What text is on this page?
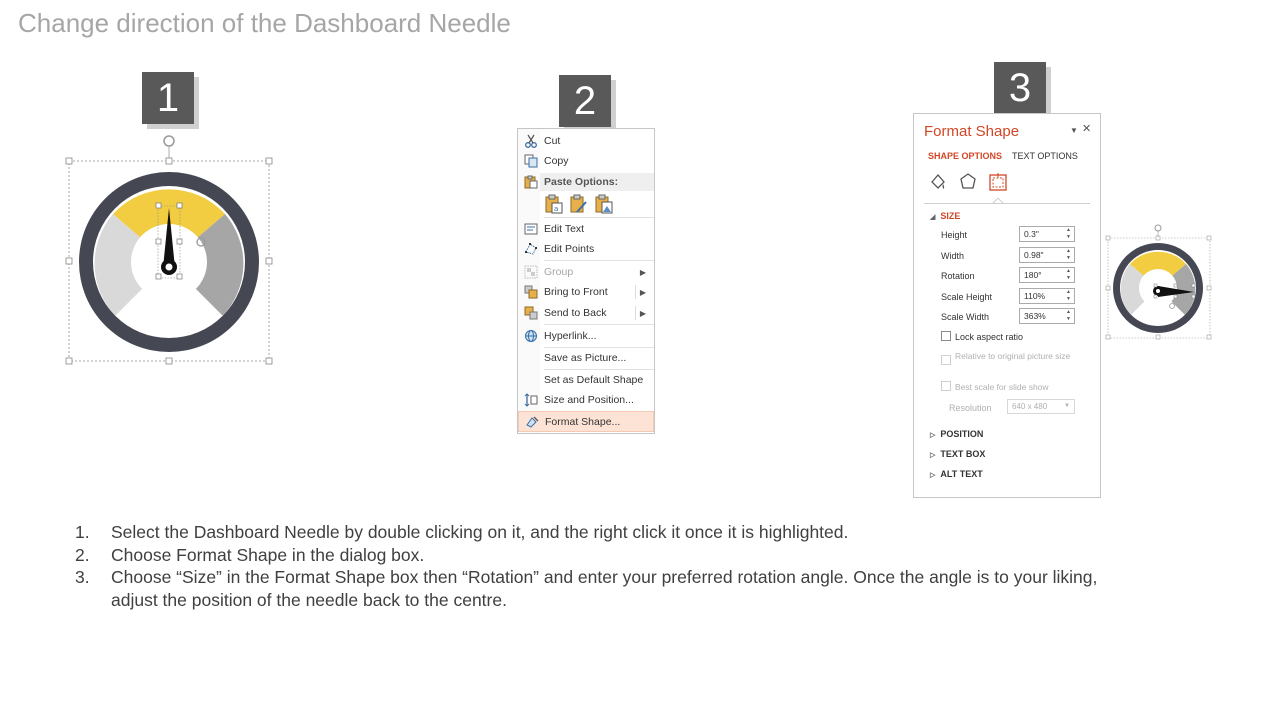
Change direction of the Dashboard Needle
1	2	3
Cut
Copy
Paste Options:
a
Edit Text
Edit Points
Group	▶
Bring to Front	▶
Send to Back	▶
Hyperlink...
Save as Picture...
Set as Default Shape
Size and Position...
Format Shape...
Format Shape	▼ ✕
SHAPE OPTIONS TEXT OPTIONS
◢ SIZE
Height	0.3"	▲
▼
Width	0.98"	▲
▼
Rotation	180°	▲
▼
Scale Height	110%	▲
▼
Scale Width	363%	▲
▼
Lock aspect ratio
Relative to original picture size
Best scale for slide show
Resolution	640 x 480	▼
▷ POSITION
▷ TEXT BOX
▷ ALT TEXT
1.	Select the Dashboard Needle by double clicking on it, and the right click it once it is highlighted.
2.	Choose Format Shape in the dialog box.
3.	Choose “Size” in the Format Shape box then “Rotation” and enter your preferred rotation angle. Once the angle is to your liking, adjust the position of the needle back to the centre.
